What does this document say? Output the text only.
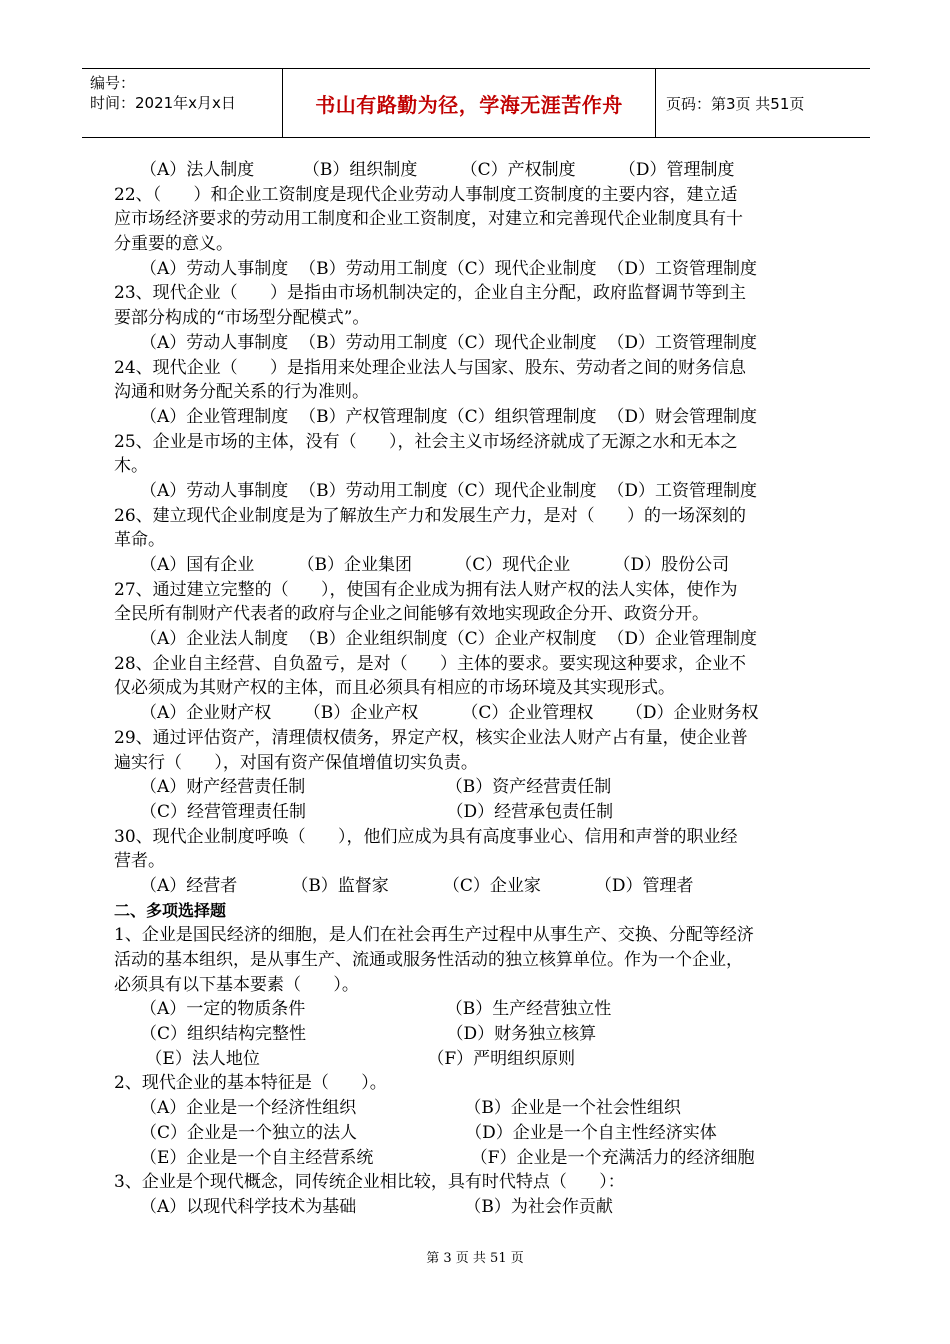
编号：
时间：2021年x月x日	书山有路勤为径，学海无涯苦作舟	页码：第3页 共51页
（A）法人制度         （B）组织制度        （C）产权制度        （D）管理制度
22、（      ）和企业工资制度是现代企业劳动人事制度工资制度的主要内容，建立适
应市场经济要求的劳动用工制度和企业工资制度，对建立和完善现代企业制度具有十
分重要的意义。
（A）劳动人事制度  （B）劳动用工制度（C）现代企业制度  （D）工资管理制度
23、现代企业（      ）是指由市场机制决定的，企业自主分配，政府监督调节等到主
要部分构成的“市场型分配模式”。
（A）劳动人事制度  （B）劳动用工制度（C）现代企业制度  （D）工资管理制度
24、现代企业（      ）是指用来处理企业法人与国家、股东、劳动者之间的财务信息
沟通和财务分配关系的行为准则。
（A）企业管理制度  （B）产权管理制度（C）组织管理制度  （D）财会管理制度
25、企业是市场的主体，没有（      ），社会主义市场经济就成了无源之水和无本之
木。
（A）劳动人事制度  （B）劳动用工制度（C）现代企业制度  （D）工资管理制度
26、建立现代企业制度是为了解放生产力和发展生产力，是对（      ）的一场深刻的
革命。
（A）国有企业        （B）企业集团        （C）现代企业        （D）股份公司
27、通过建立完整的（      ），使国有企业成为拥有法人财产权的法人实体，使作为
全民所有制财产代表者的政府与企业之间能够有效地实现政企分开、政资分开。
（A）企业法人制度  （B）企业组织制度（C）企业产权制度  （D）企业管理制度
28、企业自主经营、自负盈亏，是对（      ）主体的要求。要实现这种要求，企业不
仅必须成为其财产权的主体，而且必须具有相应的市场环境及其实现形式。
（A）企业财产权      （B）企业产权        （C）企业管理权      （D）企业财务权
29、通过评估资产，清理债权债务，界定产权，核实企业法人财产占有量，使企业普
遍实行（      ），对国有资产保值增值切实负责。
（A）财产经营责任制                          （B）资产经营责任制
（C）经营管理责任制                          （D）经营承包责任制
30、现代企业制度呼唤（      ），他们应成为具有高度事业心、信用和声誉的职业经
营者。
（A）经营者          （B）监督家          （C）企业家          （D）管理者
二、多项选择题
1、企业是国民经济的细胞，是人们在社会再生产过程中从事生产、交换、分配等经济
活动的基本组织，是从事生产、流通或服务性活动的独立核算单位。作为一个企业，
必须具有以下基本要素（      ）。
（A）一定的物质条件                          （B）生产经营独立性
（C）组织结构完整性                          （D）财务独立核算
（E）法人地位                               （F）严明组织原则
2、现代企业的基本特征是（      ）。
（A）企业是一个经济性组织                    （B）企业是一个社会性组织
（C）企业是一个独立的法人                    （D）企业是一个自主性经济实体
（E）企业是一个自主经营系统                  （F）企业是一个充满活力的经济细胞
3、企业是个现代概念，同传统企业相比较，具有时代特点（      ）：
（A）以现代科学技术为基础                    （B）为社会作贡献
第 3 页 共 51 页
